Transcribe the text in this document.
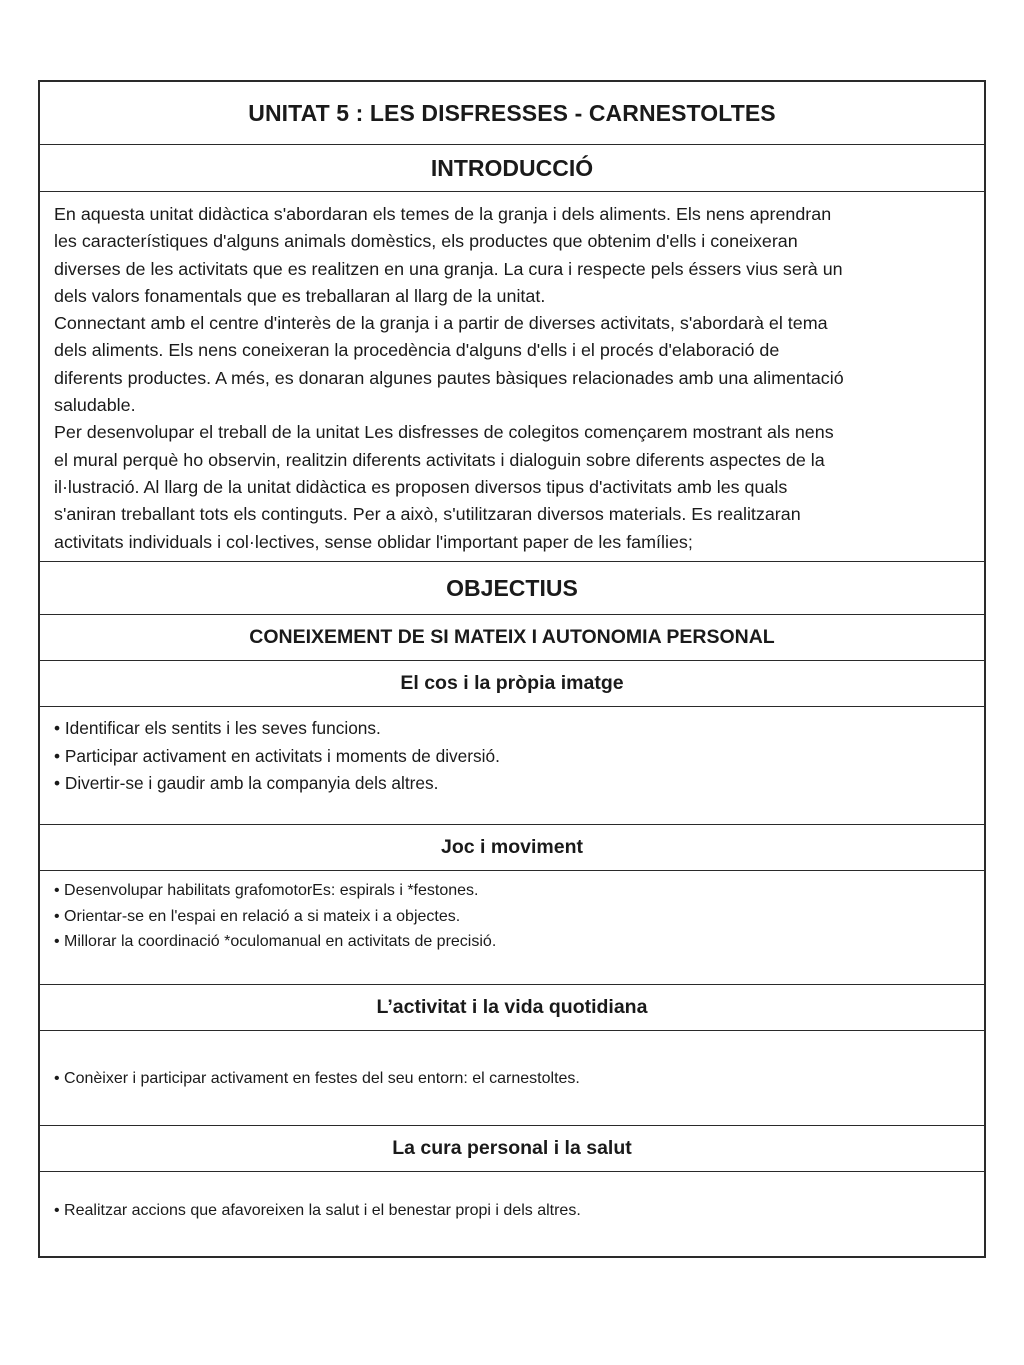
UNITAT 5 : LES DISFRESSES - CARNESTOLTES
INTRODUCCIÓ

En aquesta unitat didàctica s'abordaran els temes de la granja i dels aliments. Els nens aprendran

les característiques d'alguns animals domèstics, els productes que obtenim d'ells i coneixeran

diverses de les activitats que es realitzen en una granja. La cura i respecte pels éssers vius serà un

dels valors fonamentals que es treballaran al llarg de la unitat.

Connectant amb el centre d'interès de la granja i a partir de diverses activitats, s'abordarà el tema

dels aliments. Els nens coneixeran la procedència d'alguns d'ells i el procés d'elaboració de

diferents productes. A més, es donaran algunes pautes bàsiques relacionades amb una alimentació

saludable.

Per desenvolupar el treball de la unitat Les disfresses de colegitos començarem mostrant als nens

el mural perquè ho observin, realitzin diferents activitats i dialoguin sobre diferents aspectes de la

il·lustració. Al llarg de la unitat didàctica es proposen diversos tipus d'activitats amb les quals

s'aniran treballant tots els continguts. Per a això, s'utilitzaran diversos materials. Es realitzaran

activitats individuals i col·lectives, sense oblidar l'important paper de les famílies;

OBJECTIUS
CONEIXEMENT DE SI MATEIX I AUTONOMIA PERSONAL
El cos i la pròpia imatge
• Identificar els sentits i les seves funcions.
• Participar activament en activitats i moments de diversió.
• Divertir-se i gaudir amb la companyia dels altres.
Joc i moviment
• Desenvolupar habilitats grafomotorEs: espirals i *festones.
• Orientar-se en l'espai en relació a si mateix i a objectes.
• Millorar la coordinació *oculomanual en activitats de precisió.
L’activitat i la vida quotidiana
• Conèixer i participar activament en festes del seu entorn: el carnestoltes.
La cura personal i la salut
• Realitzar accions que afavoreixen la salut i el benestar propi i dels altres.
